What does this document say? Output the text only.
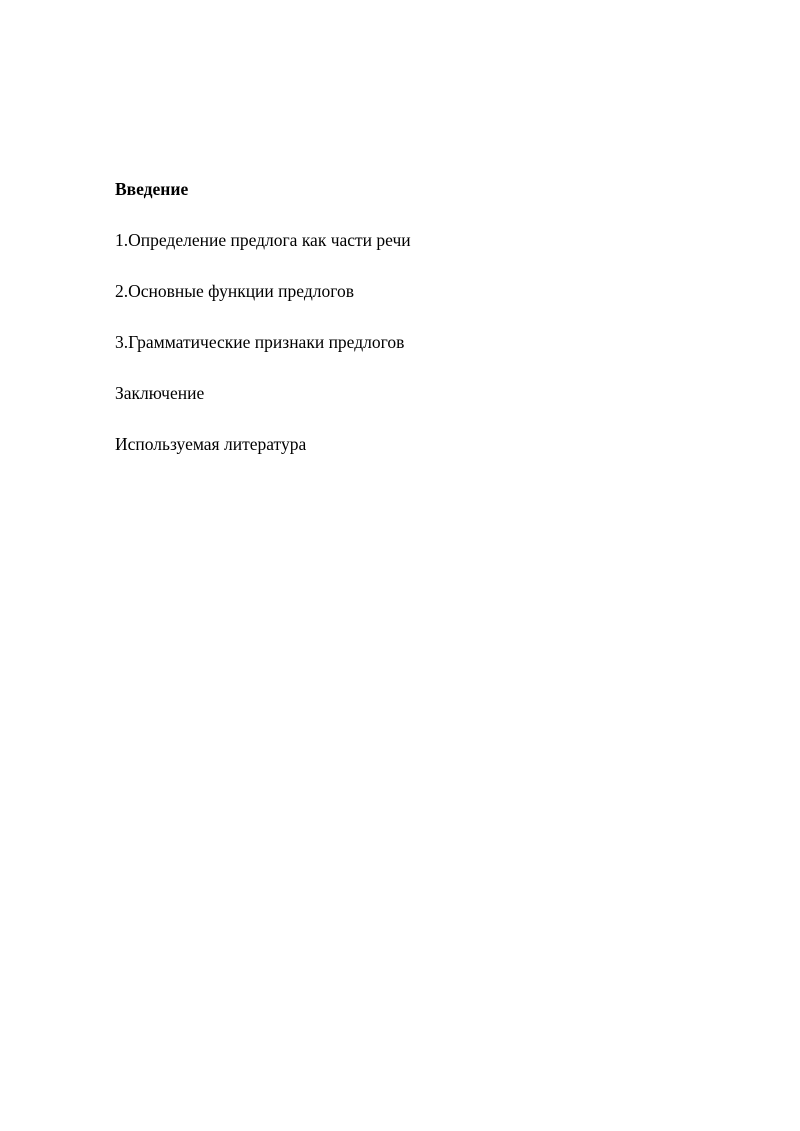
Введение
1.Определение предлога как части речи
2.Основные функции предлогов
3.Грамматические признаки предлогов
Заключение
Используемая литература
